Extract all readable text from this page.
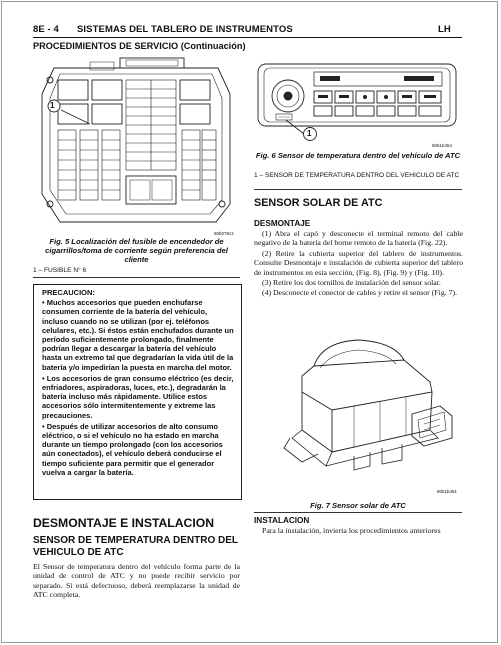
8E - 4 SISTEMAS DEL TABLERO DE INSTRUMENTOS	LH
PROCEDIMIENTOS DE SERVICIO (Continuación)
1
80b079c2
Fig. 5 Localización del fusible de encendedor de cigarrillos/toma de corriente según preferencia del cliente
1 – FUSIBLE N° 6

PRECAUCION:

• Muchos accesorios que pueden enchufarse consumen corriente de la batería del vehículo, incluso cuando no se utilizan (por ej. teléfonos celulares, etc.). Si éstos están enchufados durante un período suficientemente prolongado, finalmente podrían llegar a descargar la batería del vehículo hasta un extremo tal que degradarían la vida útil de la batería y/o impedirían la puesta en marcha del motor.

• Los accesorios de gran consumo eléctrico (es decir, enfriadores, aspiradoras, luces, etc.), degradarán la batería incluso más rápidamente. Utilice estos accesorios sólo intermitentemente y extreme las precauciones.

• Después de utilizar accesorios de alto consumo eléctrico, o si el vehículo no ha estado en marcha durante un tiempo prolongado (con los accesorios aún conectados), el vehículo deberá conducirse el tiempo suficiente para permitir que el generador vuelva a cargar la batería.

DESMONTAJE E INSTALACION
SENSOR DE TEMPERATURA DENTRO DEL VEHICULO DE ATC
El Sensor de temperatura dentro del vehículo forma parte de la unidad de control de ATC y no puede recibir servicio por separado. Si está defectuoso, deberá reemplazarse la unidad de ATC completa.
1
80b1b454
Fig. 6 Sensor de temperatura dentro del vehículo de ATC
1 – SENSOR DE TEMPERATURA DENTRO DEL VEHICULO DE ATC
SENSOR SOLAR DE ATC
DESMONTAJE

(1) Abra el capó y desconecte el terminal remoto del cable negativo de la batería del borne remoto de la batería (Fig. 22).

(2) Retire la cubierta superior del tablero de instrumentos. Consulte Desmontaje e instalación de cubierta superior del tablero de instrumentos en esta sección, (Fig. 8), (Fig. 9) y (Fig. 10).

(3) Retire los dos tornillos de instalación del sensor solar.

(4) Desconecte el conector de cables y retire el sensor (Fig. 7).

80b1b451
Fig. 7 Sensor solar de ATC
INSTALACION
Para la instalación, invierta los procedimientos anteriores
